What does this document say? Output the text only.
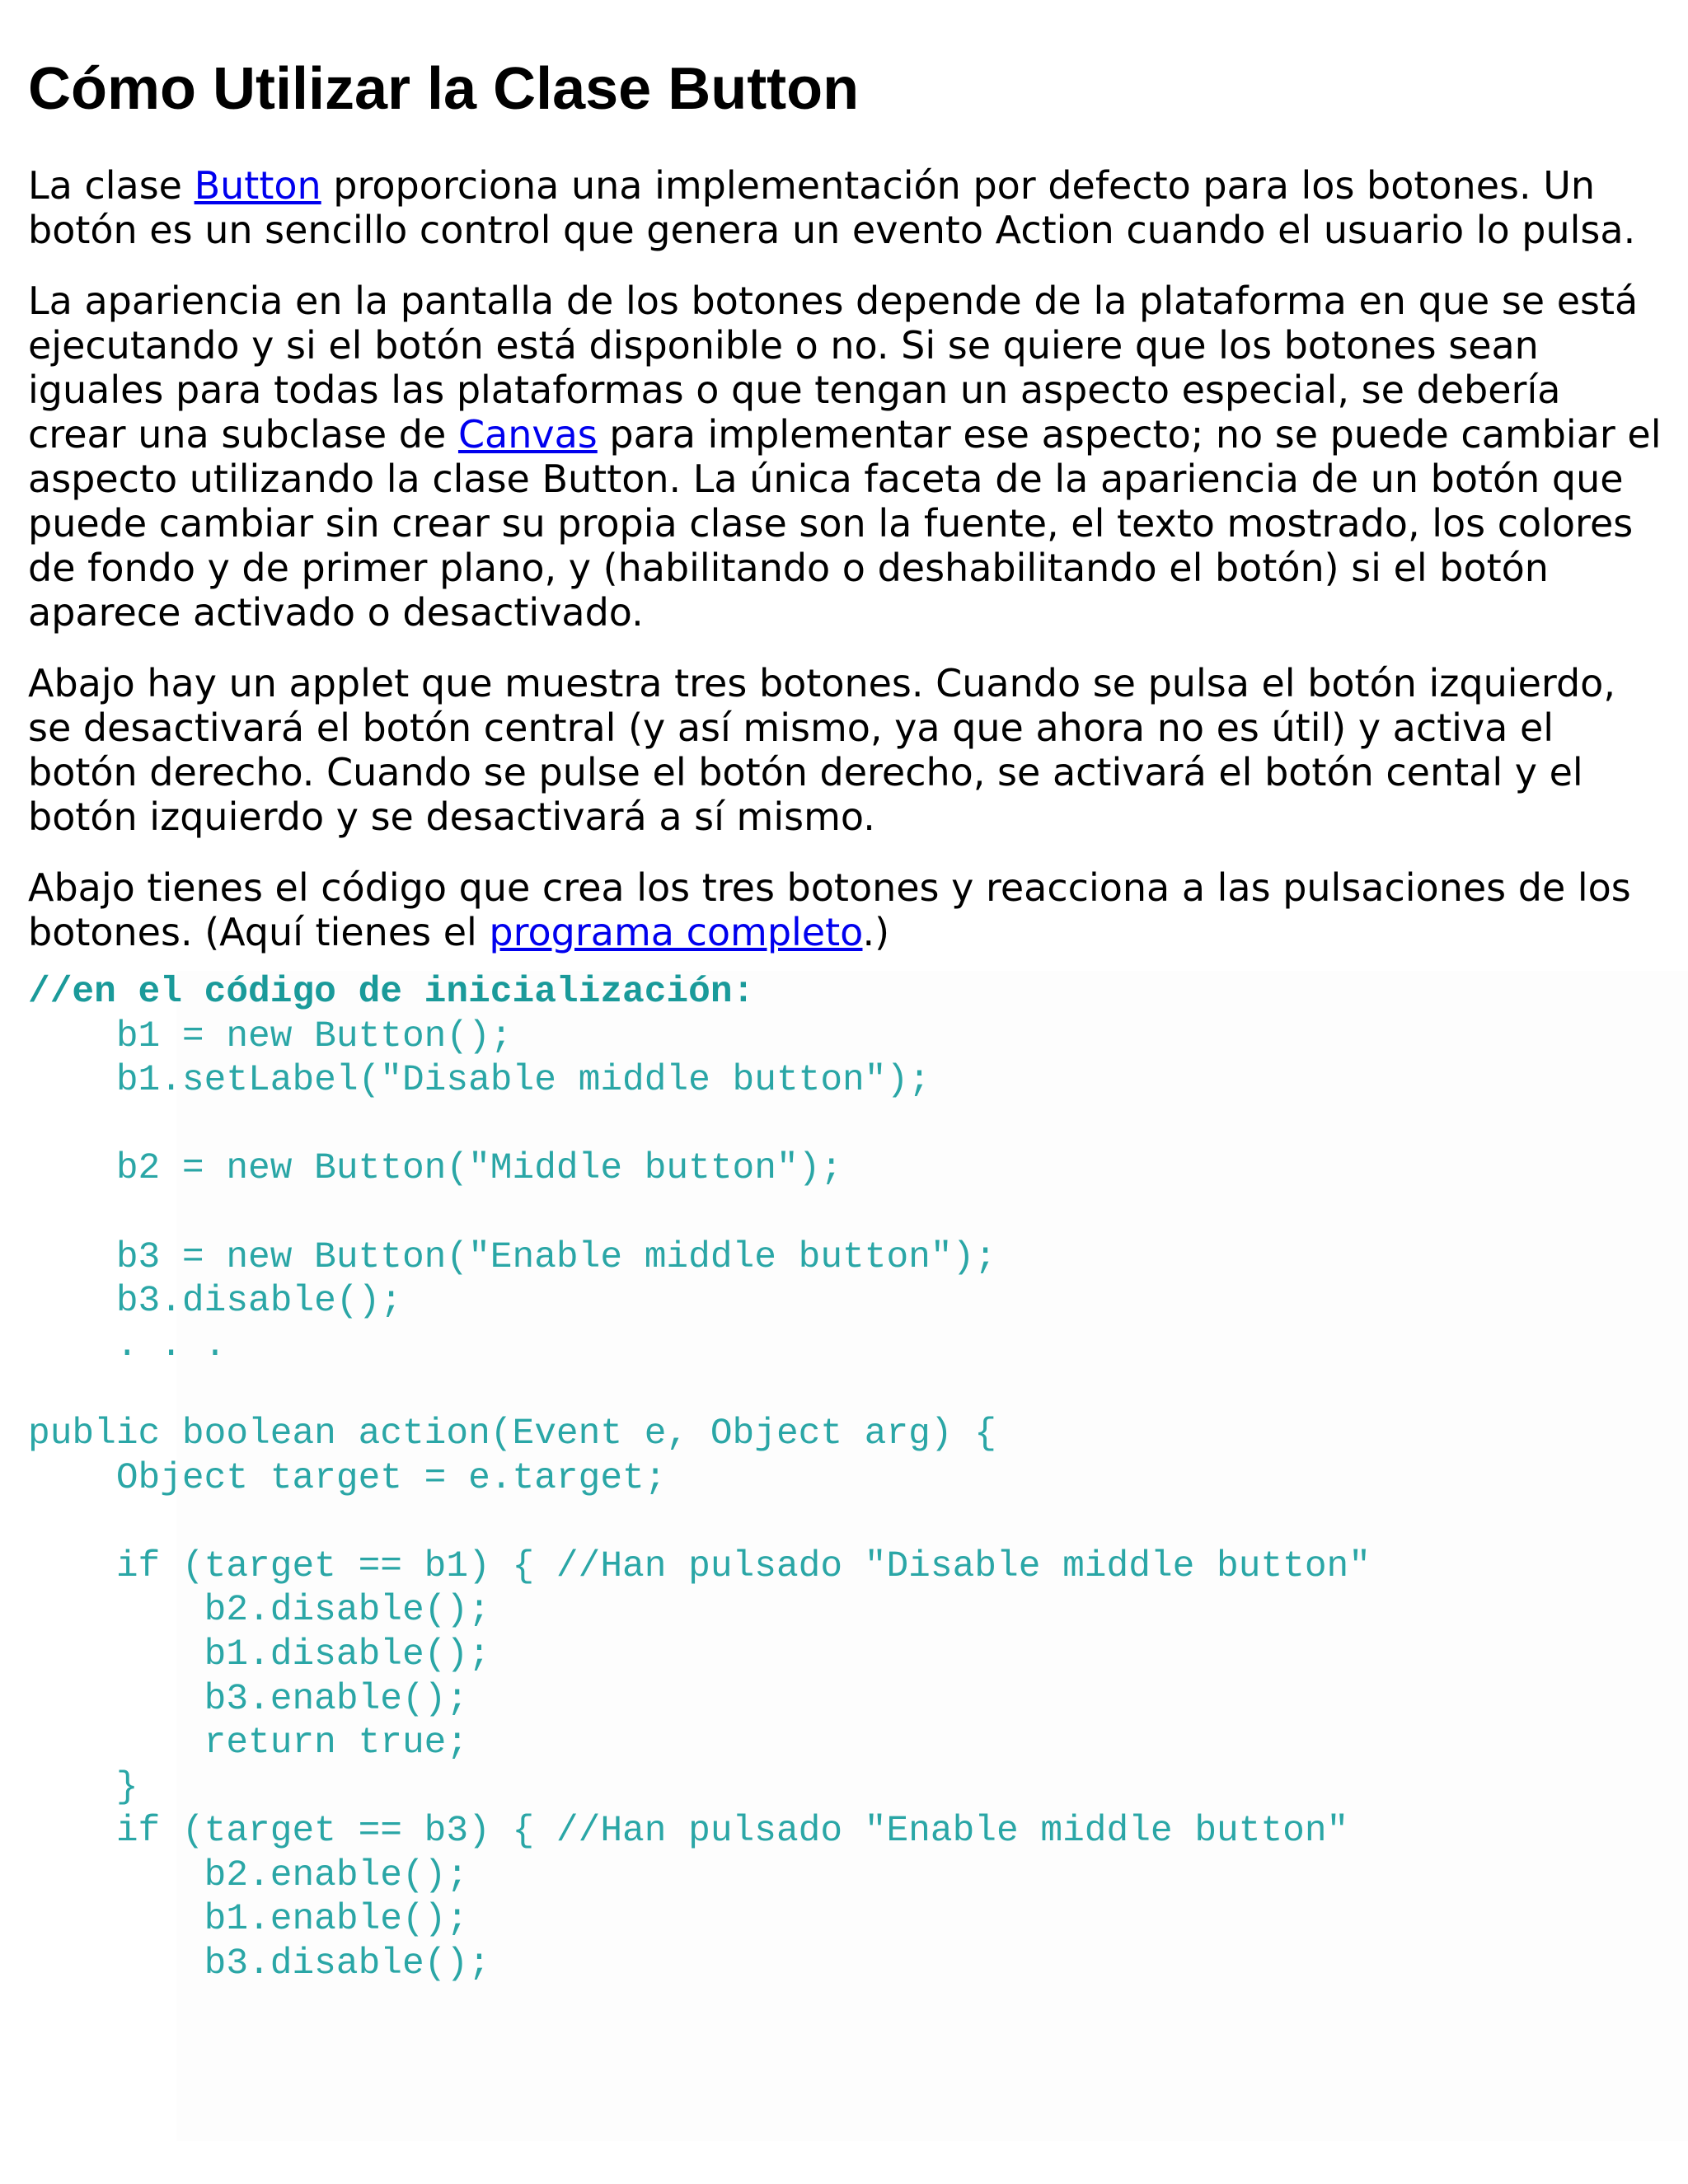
Cómo Utilizar la Clase Button

La clase Button proporciona una implementación por defecto para los botones. Un botón es un sencillo control que genera un evento Action cuando el usuario lo pulsa.

La apariencia en la pantalla de los botones depende de la plataforma en que se está ejecutando y si el botón está disponible o no. Si se quiere que los botones sean iguales para todas las plataformas o que tengan un aspecto especial, se debería crear una subclase de Canvas para implementar ese aspecto; no se puede cambiar el aspecto utilizando la clase Button. La única faceta de la apariencia de un botón que puede cambiar sin crear su propia clase son la fuente, el texto mostrado, los colores de fondo y de primer plano, y (habilitando o deshabilitando el botón) si el botón aparece activado o desactivado.

Abajo hay un applet que muestra tres botones. Cuando se pulsa el botón izquierdo, se desactivará el botón central (y así mismo, ya que ahora no es útil) y activa el botón derecho. Cuando se pulse el botón derecho, se activará el botón cental y el botón izquierdo y se desactivará a sí mismo.

Abajo tienes el código que crea los tres botones y reacciona a las pulsaciones de los botones. (Aquí tienes el programa completo.)

//en el código de inicialización:
b1 = new Button();
b1.setLabel("Disable middle button");

b2 = new Button("Middle button");

b3 = new Button("Enable middle button");
b3.disable();
. . .

public boolean action(Event e, Object arg) {
Object target = e.target;

if (target == b1) { //Han pulsado "Disable middle button"
b2.disable();
b1.disable();
b3.enable();
return true;
}
if (target == b3) { //Han pulsado "Enable middle button"
b2.enable();
b1.enable();
b3.disable();
